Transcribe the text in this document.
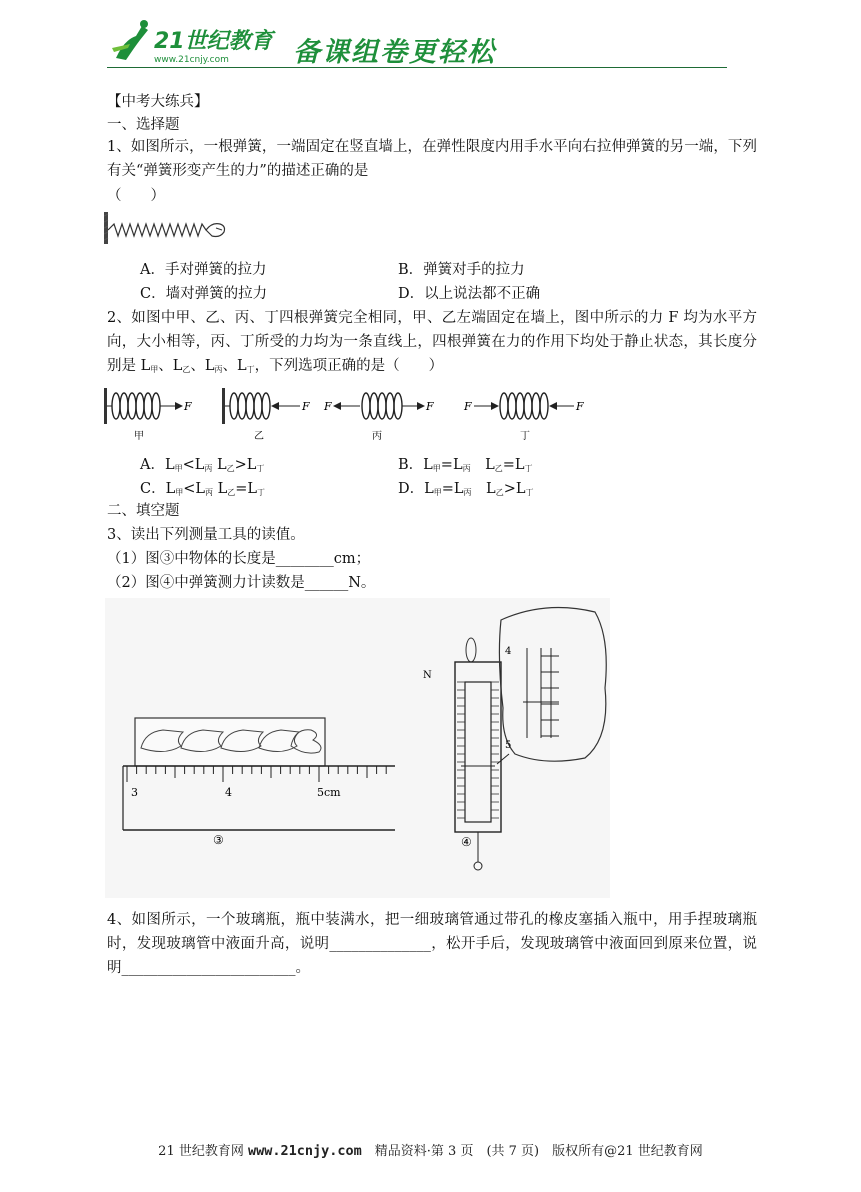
21世纪教育
www.21cnjy.com 备课组卷更轻松
【中考大练兵】
一、选择题
1、如图所示，一根弹簧，一端固定在竖直墙上，在弹性限度内用手水平向右拉伸弹簧的另一端，下列有关“弹簧形变产生的力”的描述正确的是
（　　）
A．手对弹簧的拉力	B．弹簧对手的拉力
C．墙对弹簧的拉力	D．以上说法都不正确
2、如图中甲、乙、丙、丁四根弹簧完全相同，甲、乙左端固定在墙上，图中所示的力 F 均为水平方向，大小相等，丙、丁所受的力均为一条直线上，四根弹簧在力的作用下均处于静止状态，其长度分别是 $L_甲$、$L_乙$、$L_丙$、$L_丁$，下列选项正确的是（　　）
F
甲
F
乙
F	F
丙
F	F
丁
A．$L_甲<L_丙$ $L_乙>L_丁$	B．$L_甲=L_丙$　$L_乙=L_丁$
C．$L_甲<L_丙$ $L_乙=L_丁$	D．$L_甲=L_丙$　$L_乙>L_丁$
二、填空题
3、读出下列测量工具的读值。
（1）图③中物体的长度是________cm；
（2）图④中弹簧测力计读数是______N。
3	4	5cm
③
N
④
4
5
4、如图所示，一个玻璃瓶，瓶中装满水，把一细玻璃管通过带孔的橡皮塞插入瓶中，用手捏玻璃瓶时，发现玻璃管中液面升高，说明______________，松开手后，发现玻璃管中液面回到原来位置，说明________________________。
21 世纪教育网 www.21cnjy.com　精品资料·第 3 页　(共 7 页)　版权所有@21 世纪教育网
